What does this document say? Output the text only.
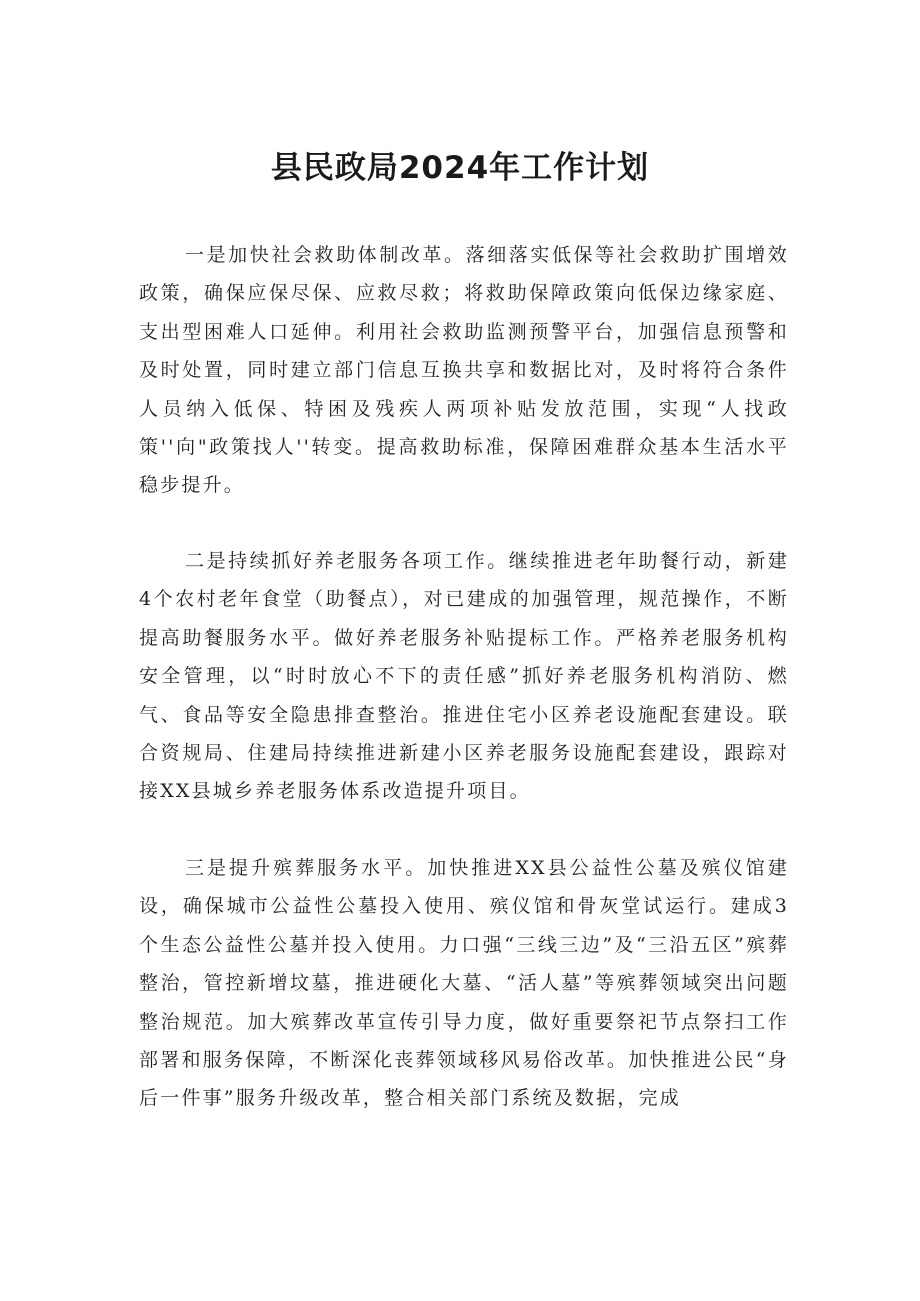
县民政局2024年工作计划

一是加快社会救助体制改革。落细落实低保等社会救助扩围增效政策，确保应保尽保、应救尽救；将救助保障政策向低保边缘家庭、支出型困难人口延伸。利用社会救助监测预警平台，加强信息预警和及时处置，同时建立部门信息互换共享和数据比对，及时将符合条件人员纳入低保、特困及残疾人两项补贴发放范围，实现“人找政策''向"政策找人''转变。提高救助标准，保障困难群众基本生活水平稳步提升。

二是持续抓好养老服务各项工作。继续推进老年助餐行动，新建4个农村老年食堂（助餐点），对已建成的加强管理，规范操作，不断提高助餐服务水平。做好养老服务补贴提标工作。严格养老服务机构安全管理，以“时时放心不下的责任感”抓好养老服务机构消防、燃气、食品等安全隐患排查整治。推进住宅小区养老设施配套建设。联合资规局、住建局持续推进新建小区养老服务设施配套建设，跟踪对接XX县城乡养老服务体系改造提升项目。

三是提升殡葬服务水平。加快推进XX县公益性公墓及殡仪馆建设，确保城市公益性公墓投入使用、殡仪馆和骨灰堂试运行。建成3个生态公益性公墓并投入使用。力口强“三线三边”及“三沿五区”殡葬整治，管控新增坟墓，推进硬化大墓、“活人墓”等殡葬领域突出问题整治规范。加大殡葬改革宣传引导力度，做好重要祭祀节点祭扫工作部署和服务保障，不断深化丧葬领域移风易俗改革。加快推进公民“身后一件事”服务升级改革，整合相关部门系统及数据，完成
